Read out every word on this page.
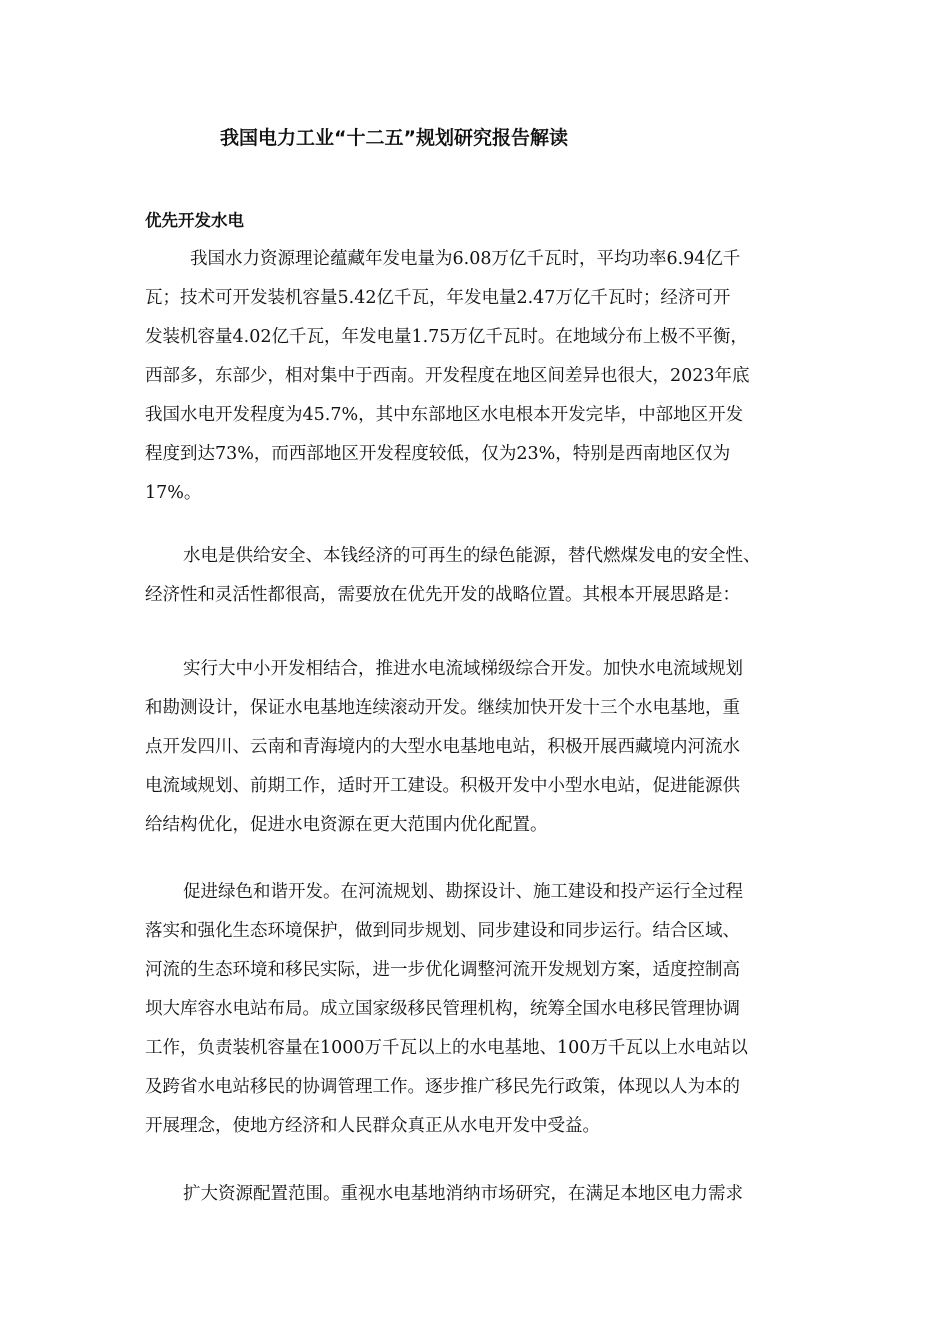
我国电力工业“十二五”规划研究报告解读
优先开发水电

我国水力资源理论蕴藏年发电量为6.08万亿千瓦时，平均功率6.94亿千
瓦；技术可开发装机容量5.42亿千瓦，年发电量2.47万亿千瓦时；经济可开
发装机容量4.02亿千瓦，年发电量1.75万亿千瓦时。在地域分布上极不平衡，
西部多，东部少，相对集中于西南。开发程度在地区间差异也很大，2023年底
我国水电开发程度为45.7%，其中东部地区水电根本开发完毕，中部地区开发
程度到达73%，而西部地区开发程度较低，仅为23%，特别是西南地区仅为
17%。

水电是供给安全、本钱经济的可再生的绿色能源，替代燃煤发电的安全性、
经济性和灵活性都很高，需要放在优先开发的战略位置。其根本开展思路是：

实行大中小开发相结合，推进水电流域梯级综合开发。加快水电流域规划
和勘测设计，保证水电基地连续滚动开发。继续加快开发十三个水电基地，重
点开发四川、云南和青海境内的大型水电基地电站，积极开展西藏境内河流水
电流域规划、前期工作，适时开工建设。积极开发中小型水电站，促进能源供
给结构优化，促进水电资源在更大范围内优化配置。

促进绿色和谐开发。在河流规划、勘探设计、施工建设和投产运行全过程
落实和强化生态环境保护，做到同步规划、同步建设和同步运行。结合区域、
河流的生态环境和移民实际，进一步优化调整河流开发规划方案，适度控制高
坝大库容水电站布局。成立国家级移民管理机构，统筹全国水电移民管理协调
工作，负责装机容量在1000万千瓦以上的水电基地、100万千瓦以上水电站以
及跨省水电站移民的协调管理工作。逐步推广移民先行政策，体现以人为本的
开展理念，使地方经济和人民群众真正从水电开发中受益。

扩大资源配置范围。重视水电基地消纳市场研究，在满足本地区电力需求
